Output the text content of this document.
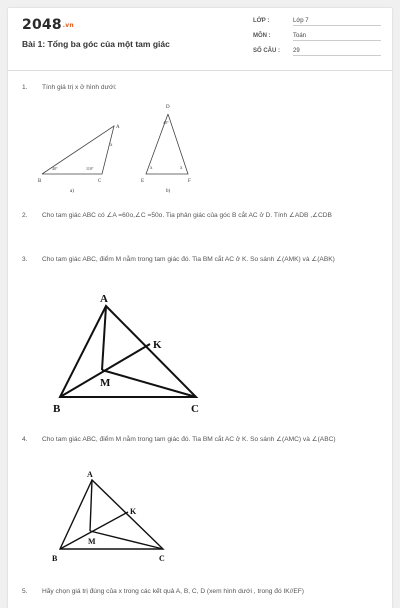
2048.vn
Bài 1: Tổng ba góc của một tam giác
LỚP :	Lớp 7
MÔN :	Toán
SỐ CÂU : 29
1. Tính giá trị x ở hình dưới:
A
B	C
40°	110°
x
a)
D
E	F
40°
x	x
b)
2. Cho tam giác ABC có ∠A =60o,∠C =50o. Tia phân giác của góc B cắt AC ở D. Tính ∠ADB ,∠CDB
3. Cho tam giác ABC, điểm M nằm trong tam giác đó. Tia BM cắt AC ở K. So sánh ∠(AMK) và ∠(ABK)
A
B	C
K
M
4. Cho tam giác ABC, điểm M nằm trong tam giác đó. Tia BM cắt AC ở K. So sánh ∠(AMC) và ∠(ABC)
A
B	C
K
M
5. Hãy chọn giá trị đúng của x trong các kết quả A, B, C, D (xem hình dưới , trong đó IK//EF)
